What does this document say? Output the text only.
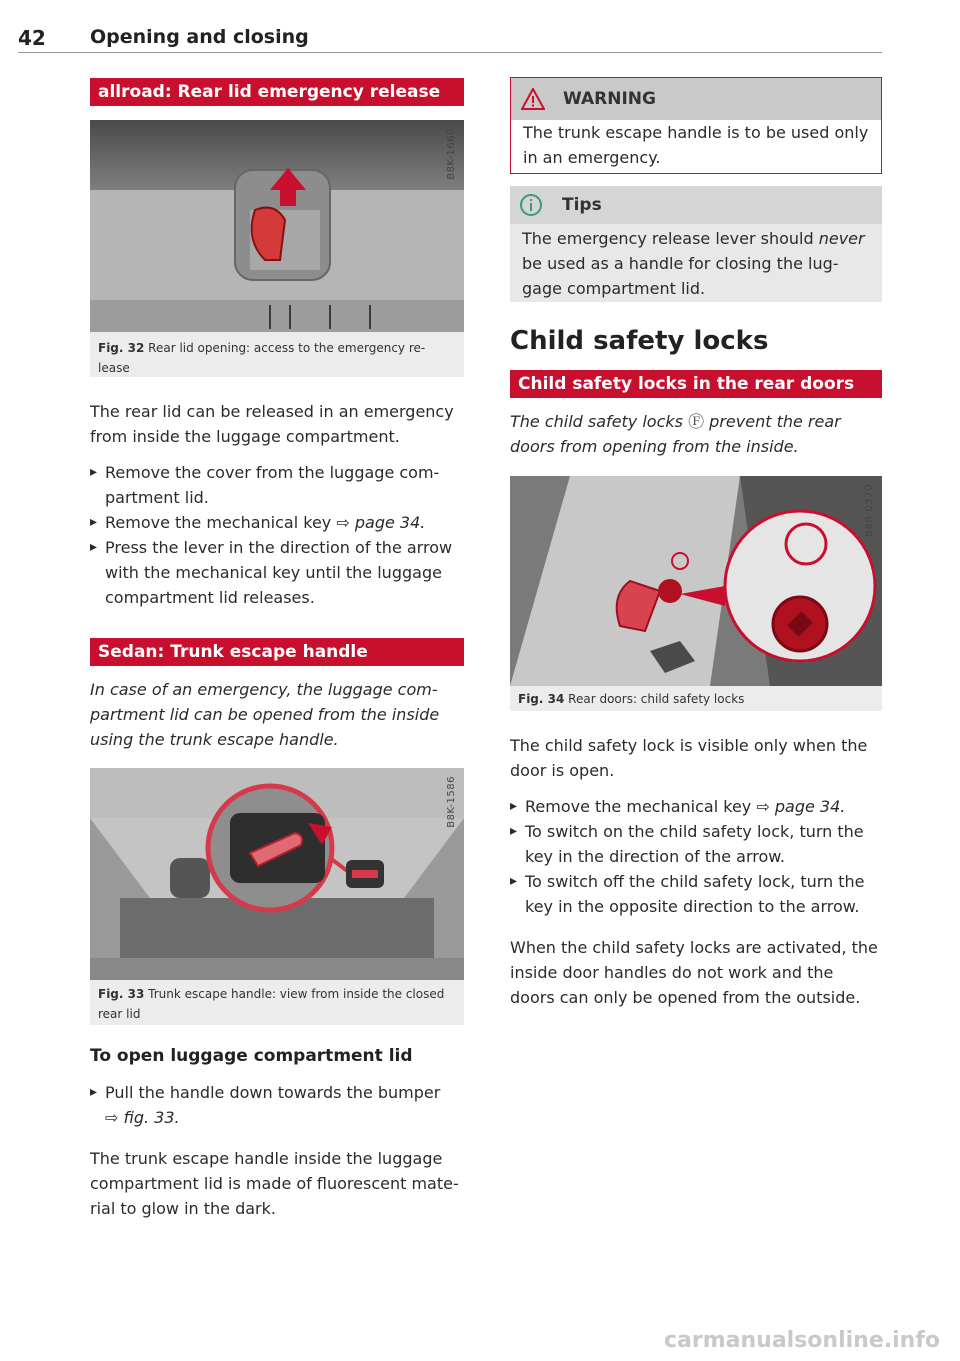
42 Opening and closing
allroad: Rear lid emergency release
B8K-1660
Fig. 32 Rear lid opening: access to the emergency re-lease
The rear lid can be released in an emergency from inside the luggage compartment.
▸ Remove the cover from the luggage com-partment lid.
▸ Remove the mechanical key ⇨ page 34.
▸ Press the lever in the direction of the arrow with the mechanical key until the luggage compartment lid releases.
Sedan: Trunk escape handle
In case of an emergency, the luggage com-partment lid can be opened from the inside using the trunk escape handle.
B8K-1586
Fig. 33 Trunk escape handle: view from inside the closed rear lid
To open luggage compartment lid
▸ Pull the handle down towards the bumper
⇨ fig. 33.
The trunk escape handle inside the luggage compartment lid is made of fluorescent mate-rial to glow in the dark.
WARNING
The trunk escape handle is to be used only in an emergency.
Tips
The emergency release lever should never be used as a handle for closing the lug-gage compartment lid.
Child safety locks
Child safety locks in the rear doors
The child safety locks Ⓕ prevent the rear doors from opening from the inside.
B8R-0370
Fig. 34 Rear doors: child safety locks
The child safety lock is visible only when the door is open.
▸ Remove the mechanical key ⇨ page 34.
▸ To switch on the child safety lock, turn the key in the direction of the arrow.
▸ To switch off the child safety lock, turn the key in the opposite direction to the arrow.
When the child safety locks are activated, the inside door handles do not work and the doors can only be opened from the outside.
carmanualsonline.info
